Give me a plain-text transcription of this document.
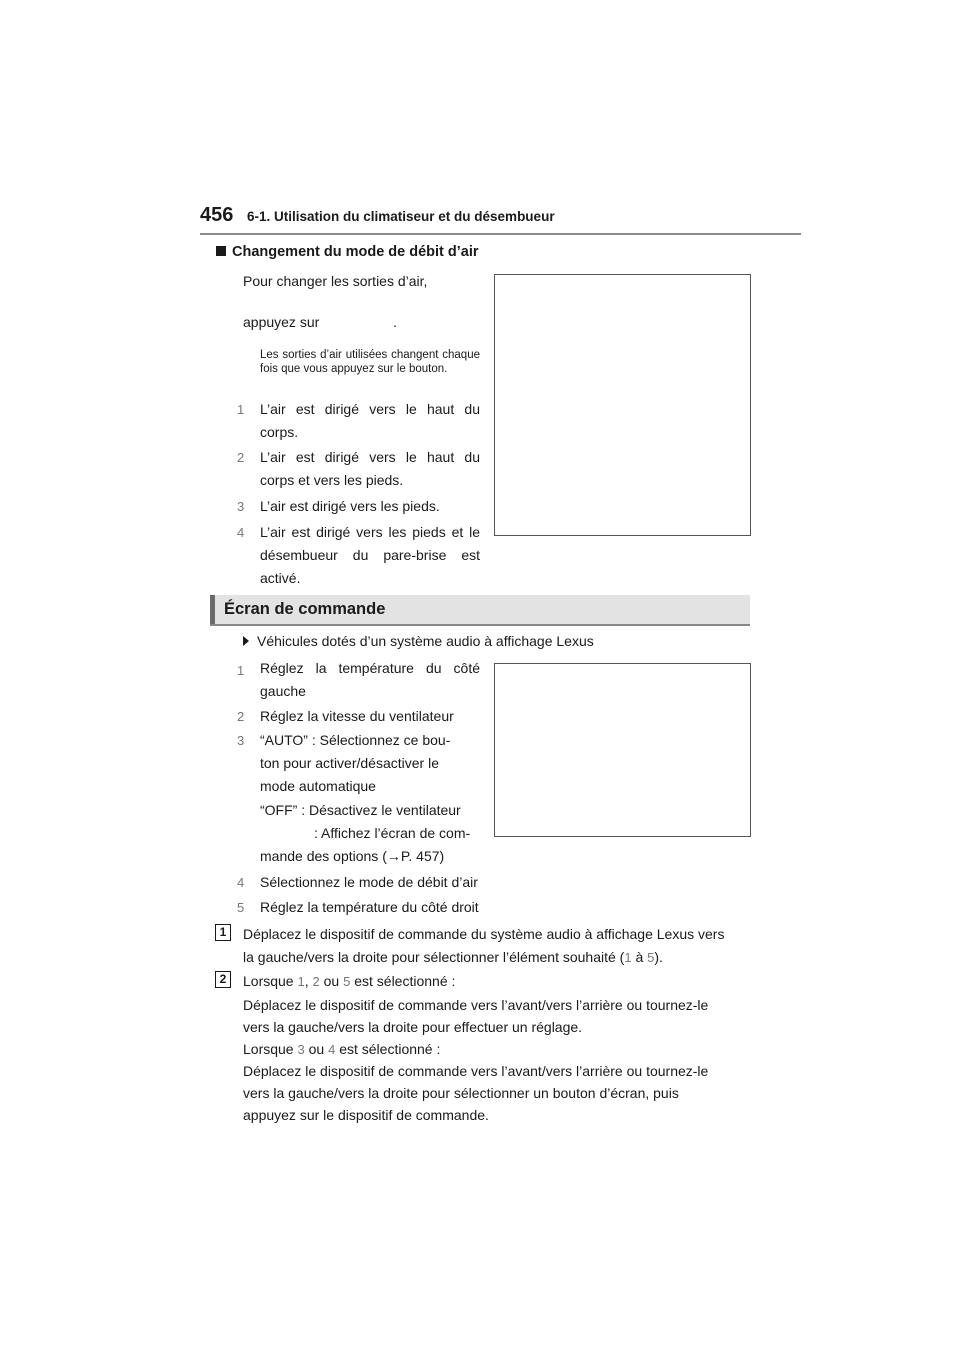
456 6-1. Utilisation du climatiseur et du désembueur
Changement du mode de débit d’air
Pour changer les sorties d’air,
appuyez sur	.
Les sorties d’air utilisées changent chaque fois que vous appuyez sur le bouton.
1 L’air est dirigé vers le haut du corps.
2 L’air est dirigé vers le haut du corps et vers les pieds.
3 L’air est dirigé vers les pieds.
4 L’air est dirigé vers les pieds et le désembueur du pare-brise est activé.
Écran de commande
Véhicules dotés d’un système audio à affichage Lexus
1 Réglez la température du côté gauche
2 Réglez la vitesse du ventilateur
3 “AUTO” : Sélectionnez ce bou-
ton pour activer/désactiver le
mode automatique
“OFF” : Désactivez le ventilateur
: Affichez l’écran de com-
mande des options (→P. 457)
4 Sélectionnez le mode de débit d’air
5 Réglez la température du côté droit
1	Déplacez le dispositif de commande du système audio à affichage Lexus vers
la gauche/vers la droite pour sélectionner l’élément souhaité (1 à 5).
2	Lorsque 1, 2 ou 5 est sélectionné :
Déplacez le dispositif de commande vers l’avant/vers l’arrière ou tournez-le
vers la gauche/vers la droite pour effectuer un réglage.
Lorsque 3 ou 4 est sélectionné :
Déplacez le dispositif de commande vers l’avant/vers l’arrière ou tournez-le
vers la gauche/vers la droite pour sélectionner un bouton d’écran, puis
appuyez sur le dispositif de commande.
